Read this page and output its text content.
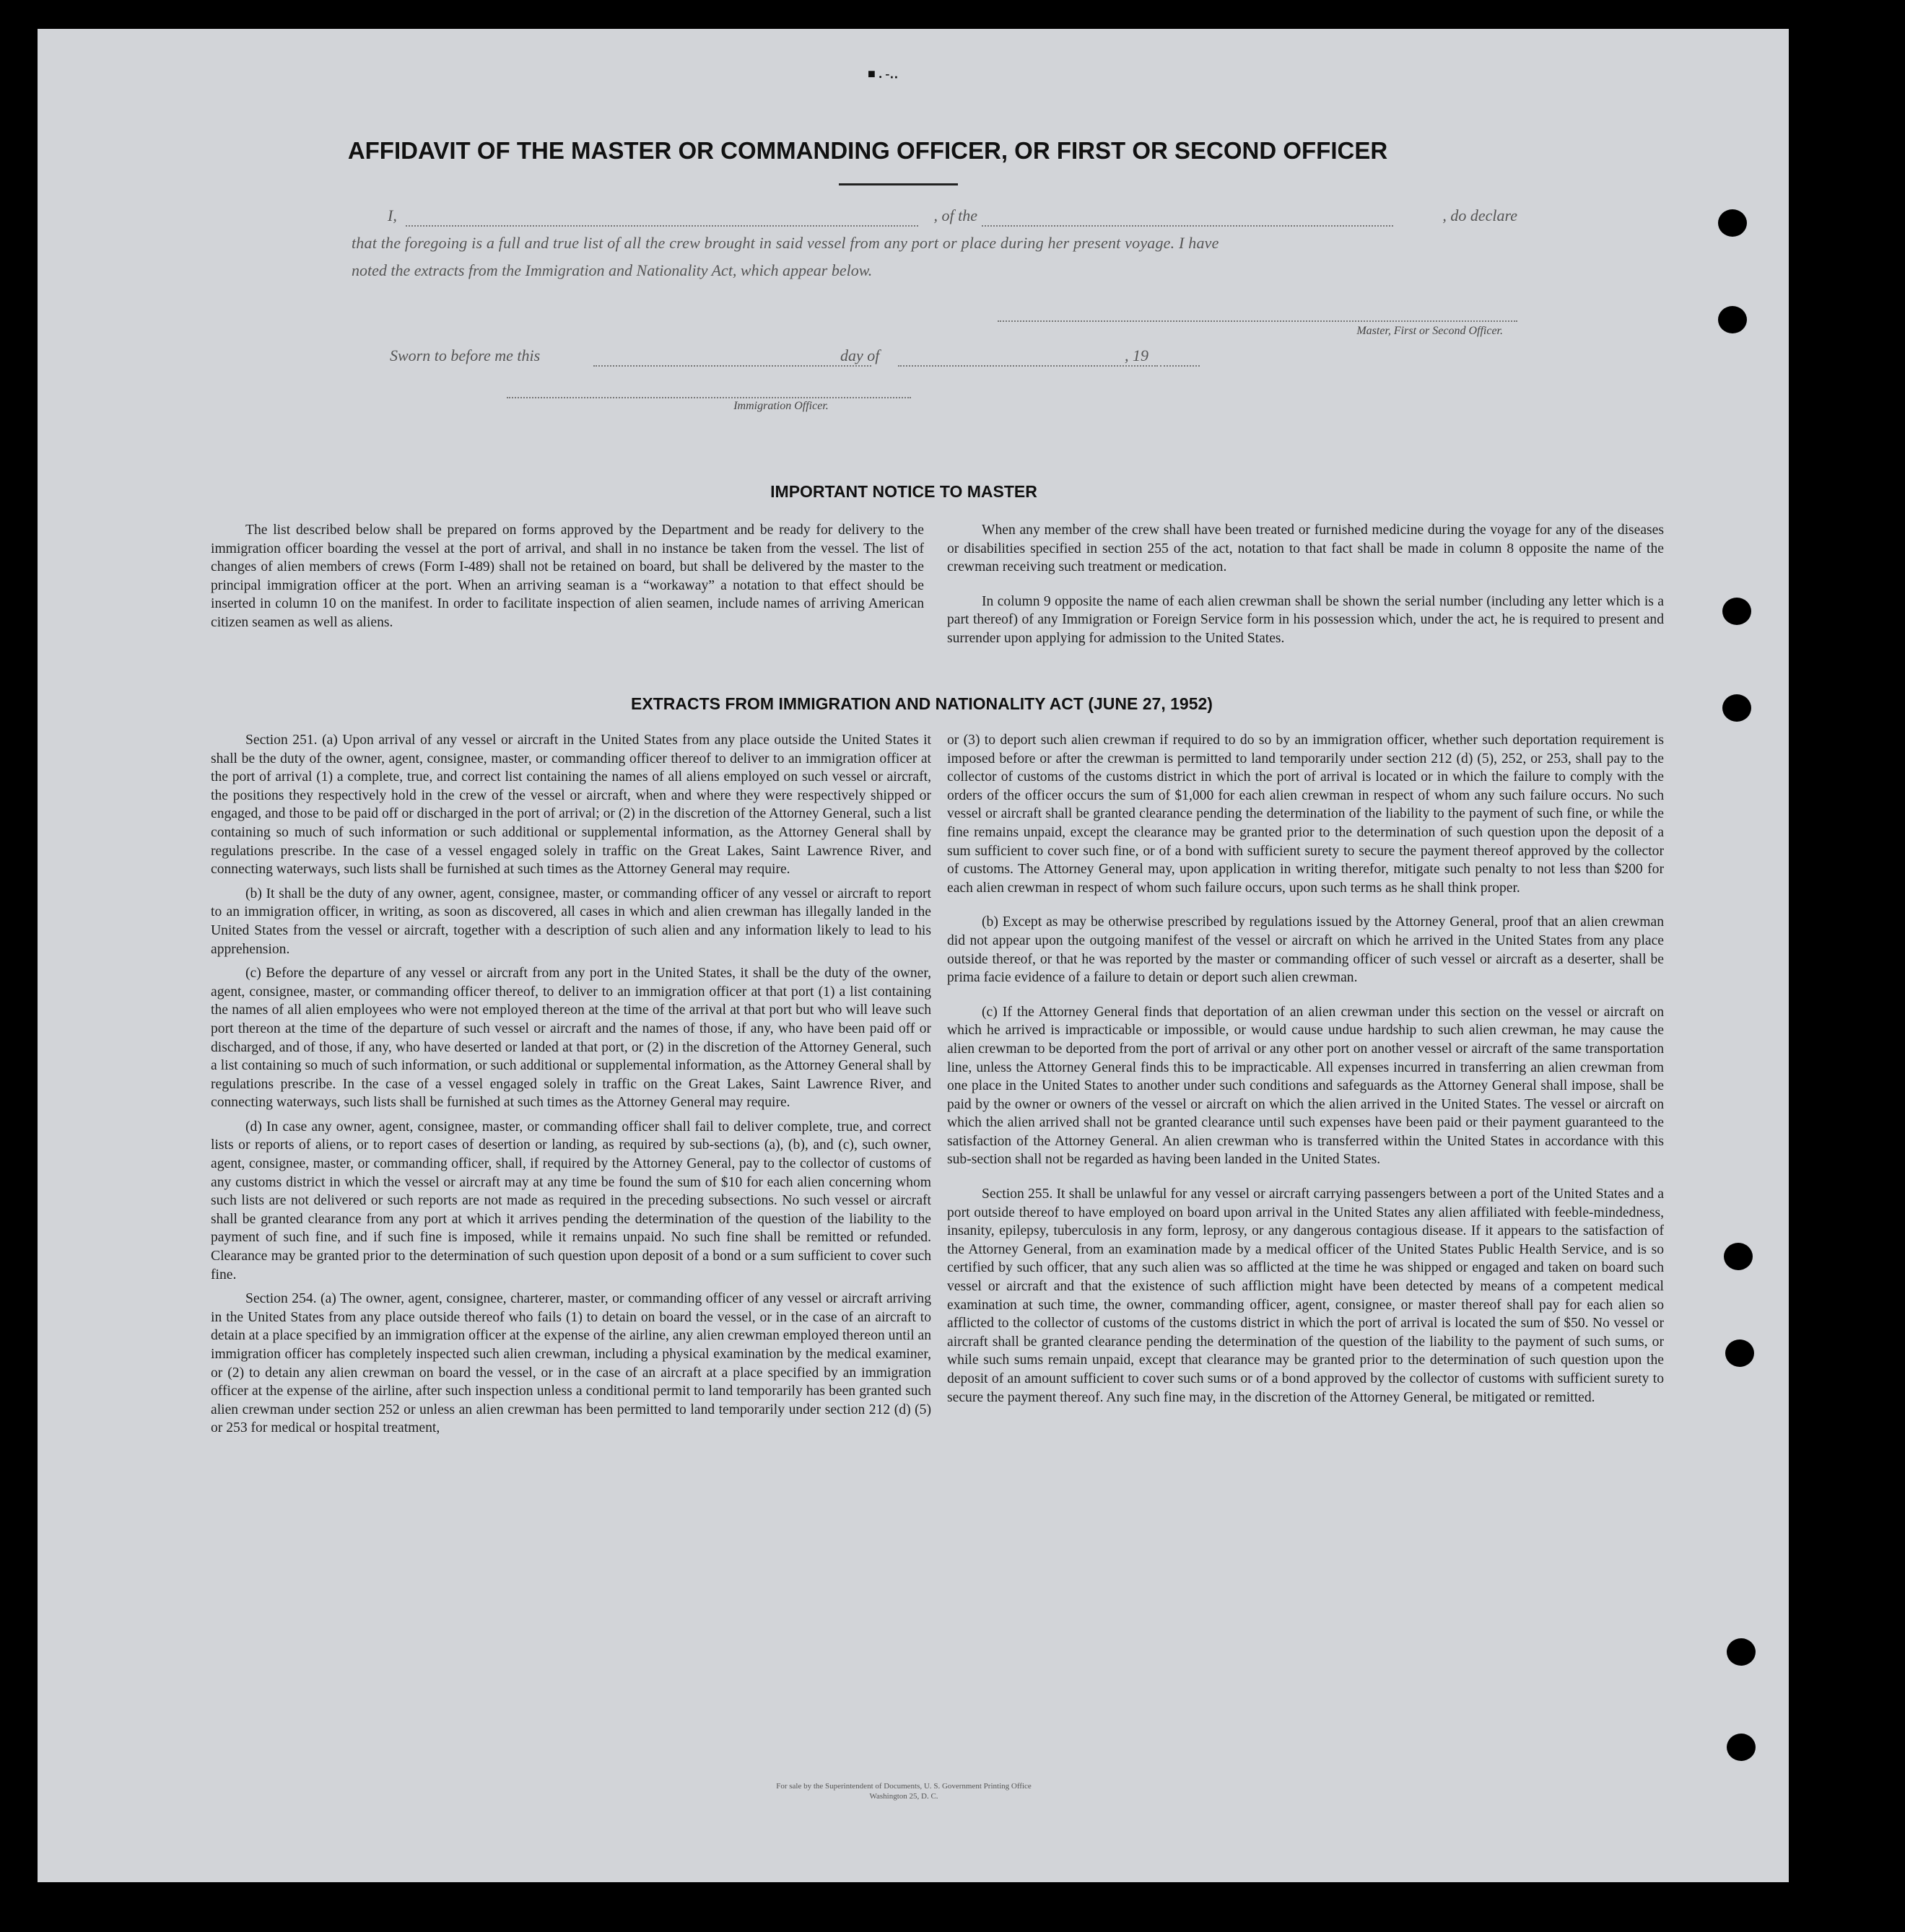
■ . -‥
AFFIDAVIT OF THE MASTER OR COMMANDING OFFICER, OR FIRST OR SECOND OFFICER
I,	, of the	, do declare
that the foregoing is a full and true list of all the crew brought in said vessel from any port or place during her present voyage. I have
noted the extracts from the Immigration and Nationality Act, which appear below.
Master, First or Second Officer.
Sworn to before me this	day of	, 19
Immigration Officer.
IMPORTANT NOTICE TO MASTER

The list described below shall be prepared on forms approved by the Department and be ready for delivery to the immigration officer boarding the vessel at the port of arrival, and shall in no instance be taken from the vessel. The list of changes of alien members of crews (Form I-489) shall not be retained on board, but shall be delivered by the master to the principal immigration officer at the port. When an arriving seaman is a “workaway” a notation to that effect should be inserted in column 10 on the manifest. In order to facilitate inspection of alien seamen, include names of arriving American citizen seamen as well as aliens.

When any member of the crew shall have been treated or furnished medicine during the voyage for any of the diseases or disabilities specified in section 255 of the act, notation to that fact shall be made in column 8 opposite the name of the crewman receiving such treatment or medication.

In column 9 opposite the name of each alien crewman shall be shown the serial number (including any letter which is a part thereof) of any Immigration or Foreign Service form in his possession which, under the act, he is required to present and surrender upon applying for admission to the United States.

EXTRACTS FROM IMMIGRATION AND NATIONALITY ACT (JUNE 27, 1952)

Section 251. (a) Upon arrival of any vessel or aircraft in the United States from any place outside the United States it shall be the duty of the owner, agent, consignee, master, or commanding officer thereof to deliver to an immigration officer at the port of arrival (1) a complete, true, and correct list containing the names of all aliens employed on such vessel or aircraft, the positions they respectively hold in the crew of the vessel or aircraft, when and where they were respectively shipped or engaged, and those to be paid off or discharged in the port of arrival; or (2) in the discretion of the Attorney General, such a list containing so much of such information or such additional or supplemental information, as the Attorney General shall by regulations prescribe. In the case of a vessel engaged solely in traffic on the Great Lakes, Saint Lawrence River, and connecting waterways, such lists shall be furnished at such times as the Attorney General may require.

(b) It shall be the duty of any owner, agent, consignee, master, or commanding officer of any vessel or aircraft to report to an immigration officer, in writing, as soon as discovered, all cases in which and alien crewman has illegally landed in the United States from the vessel or aircraft, together with a description of such alien and any information likely to lead to his apprehension.

(c) Before the departure of any vessel or aircraft from any port in the United States, it shall be the duty of the owner, agent, consignee, master, or commanding officer thereof, to deliver to an immigration officer at that port (1) a list containing the names of all alien employees who were not employed thereon at the time of the arrival at that port but who will leave such port thereon at the time of the departure of such vessel or aircraft and the names of those, if any, who have been paid off or discharged, and of those, if any, who have deserted or landed at that port, or (2) in the discretion of the Attorney General, such a list containing so much of such information, or such additional or supplemental information, as the Attorney General shall by regulations prescribe. In the case of a vessel engaged solely in traffic on the Great Lakes, Saint Lawrence River, and connecting waterways, such lists shall be furnished at such times as the Attorney General may require.

(d) In case any owner, agent, consignee, master, or commanding officer shall fail to deliver complete, true, and correct lists or reports of aliens, or to report cases of desertion or landing, as required by sub-sections (a), (b), and (c), such owner, agent, consignee, master, or commanding officer, shall, if required by the Attorney General, pay to the collector of customs of any customs district in which the vessel or aircraft may at any time be found the sum of $10 for each alien concerning whom such lists are not delivered or such reports are not made as required in the preceding subsections. No such vessel or aircraft shall be granted clearance from any port at which it arrives pending the determination of the question of the liability to the payment of such fine, and if such fine is imposed, while it remains unpaid. No such fine shall be remitted or refunded. Clearance may be granted prior to the determination of such question upon deposit of a bond or a sum sufficient to cover such fine.

Section 254. (a) The owner, agent, consignee, charterer, master, or commanding officer of any vessel or aircraft arriving in the United States from any place outside thereof who fails (1) to detain on board the vessel, or in the case of an aircraft to detain at a place specified by an immigration officer at the expense of the airline, any alien crewman employed thereon until an immigration officer has completely inspected such alien crewman, including a physical examination by the medical examiner, or (2) to detain any alien crewman on board the vessel, or in the case of an aircraft at a place specified by an immigration officer at the expense of the airline, after such inspection unless a conditional permit to land temporarily has been granted such alien crewman under section 252 or unless an alien crewman has been permitted to land temporarily under section 212 (d) (5) or 253 for medical or hospital treatment,

or (3) to deport such alien crewman if required to do so by an immigration officer, whether such deportation requirement is imposed before or after the crewman is permitted to land temporarily under section 212 (d) (5), 252, or 253, shall pay to the collector of customs of the customs district in which the port of arrival is located or in which the failure to comply with the orders of the officer occurs the sum of $1,000 for each alien crewman in respect of whom any such failure occurs. No such vessel or aircraft shall be granted clearance pending the determination of the liability to the payment of such fine, or while the fine remains unpaid, except the clearance may be granted prior to the determination of such question upon the deposit of a sum sufficient to cover such fine, or of a bond with sufficient surety to secure the payment thereof approved by the collector of customs. The Attorney General may, upon application in writing therefor, mitigate such penalty to not less than $200 for each alien crewman in respect of whom such failure occurs, upon such terms as he shall think proper.

(b) Except as may be otherwise prescribed by regulations issued by the Attorney General, proof that an alien crewman did not appear upon the outgoing manifest of the vessel or aircraft on which he arrived in the United States from any place outside thereof, or that he was reported by the master or commanding officer of such vessel or aircraft as a deserter, shall be prima facie evidence of a failure to detain or deport such alien crewman.

(c) If the Attorney General finds that deportation of an alien crewman under this section on the vessel or aircraft on which he arrived is impracticable or impossible, or would cause undue hardship to such alien crewman, he may cause the alien crewman to be deported from the port of arrival or any other port on another vessel or aircraft of the same transportation line, unless the Attorney General finds this to be impracticable. All expenses incurred in transferring an alien crewman from one place in the United States to another under such conditions and safeguards as the Attorney General shall impose, shall be paid by the owner or owners of the vessel or aircraft on which the alien arrived in the United States. The vessel or aircraft on which the alien arrived shall not be granted clearance until such expenses have been paid or their payment guaranteed to the satisfaction of the Attorney General. An alien crewman who is transferred within the United States in accordance with this sub-section shall not be regarded as having been landed in the United States.

Section 255. It shall be unlawful for any vessel or aircraft carrying passengers between a port of the United States and a port outside thereof to have employed on board upon arrival in the United States any alien affiliated with feeble-mindedness, insanity, epilepsy, tuberculosis in any form, leprosy, or any dangerous contagious disease. If it appears to the satisfaction of the Attorney General, from an examination made by a medical officer of the United States Public Health Service, and is so certified by such officer, that any such alien was so afflicted at the time he was shipped or engaged and taken on board such vessel or aircraft and that the existence of such affliction might have been detected by means of a competent medical examination at such time, the owner, commanding officer, agent, consignee, or master thereof shall pay for each alien so afflicted to the collector of customs of the customs district in which the port of arrival is located the sum of $50. No vessel or aircraft shall be granted clearance pending the determination of the question of the liability to the payment of such sums, or while such sums remain unpaid, except that clearance may be granted prior to the determination of such question upon the deposit of an amount sufficient to cover such sums or of a bond approved by the collector of customs with sufficient surety to secure the payment thereof. Any such fine may, in the discretion of the Attorney General, be mitigated or remitted.

For sale by the Superintendent of Documents, U. S. Government Printing Office
Washington 25, D. C.
